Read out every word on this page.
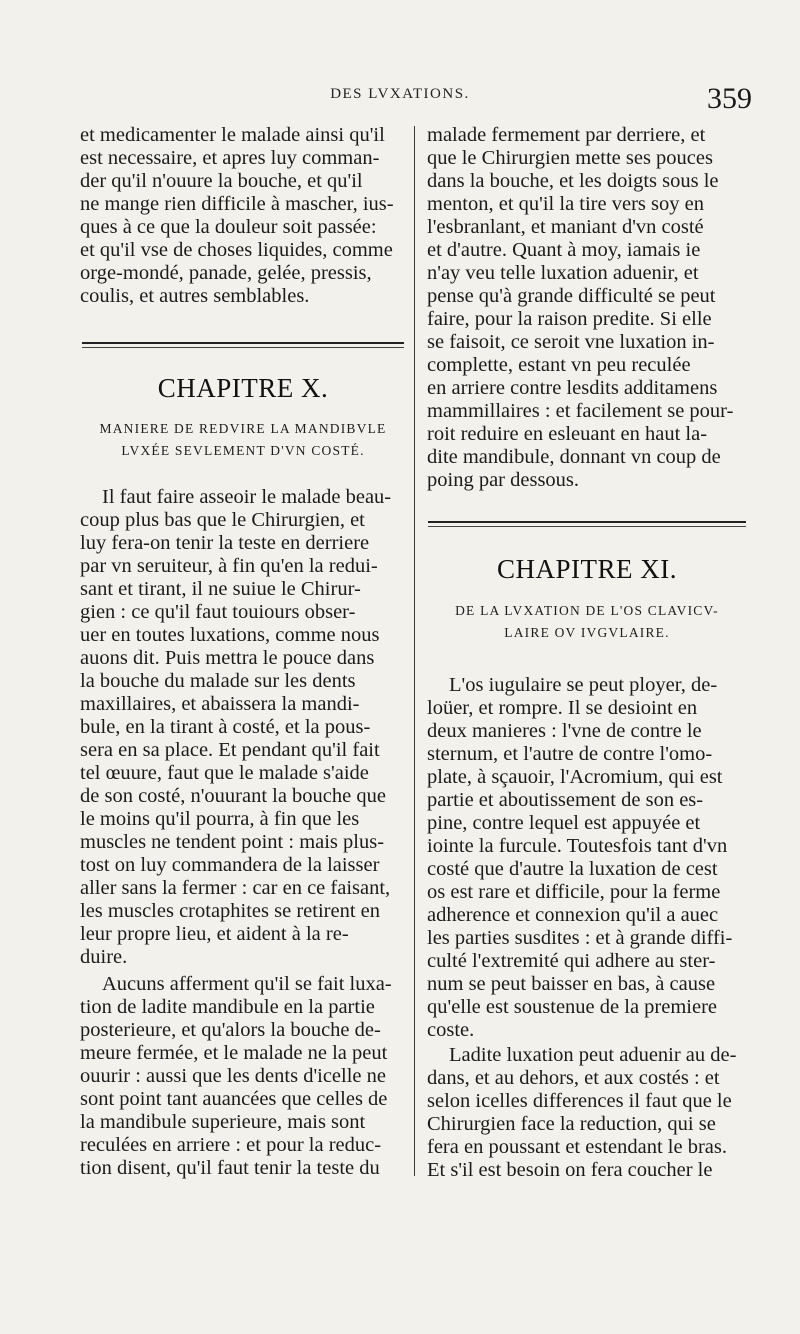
DES LVXATIONS.	359
et medicamenter le malade ainsi qu'il
est necessaire, et apres luy comman-
der qu'il n'ouure la bouche, et qu'il
ne mange rien difficile à mascher, ius-
ques à ce que la douleur soit passée:
et qu'il vse de choses liquides, comme
orge-mondé, panade, gelée, pressis,
coulis, et autres semblables.
CHAPITRE X.
MANIERE DE REDVIRE LA MANDIBVLE
LVXÉE SEVLEMENT D'VN COSTÉ.
Il faut faire asseoir le malade beau-
coup plus bas que le Chirurgien, et
luy fera-on tenir la teste en derriere
par vn seruiteur, à fin qu'en la redui-
sant et tirant, il ne suiue le Chirur-
gien : ce qu'il faut touiours obser-
uer en toutes luxations, comme nous
auons dit. Puis mettra le pouce dans
la bouche du malade sur les dents
maxillaires, et abaissera la mandi-
bule, en la tirant à costé, et la pous-
sera en sa place. Et pendant qu'il fait
tel œuure, faut que le malade s'aide
de son costé, n'ouurant la bouche que
le moins qu'il pourra, à fin que les
muscles ne tendent point : mais plus-
tost on luy commandera de la laisser
aller sans la fermer : car en ce faisant,
les muscles crotaphites se retirent en
leur propre lieu, et aident à la re-
duire.
Aucuns afferment qu'il se fait luxa-
tion de ladite mandibule en la partie
posterieure, et qu'alors la bouche de-
meure fermée, et le malade ne la peut
ouurir : aussi que les dents d'icelle ne
sont point tant auancées que celles de
la mandibule superieure, mais sont
reculées en arriere : et pour la reduc-
tion disent, qu'il faut tenir la teste du
malade fermement par derriere, et
que le Chirurgien mette ses pouces
dans la bouche, et les doigts sous le
menton, et qu'il la tire vers soy en
l'esbranlant, et maniant d'vn costé
et d'autre. Quant à moy, iamais ie
n'ay veu telle luxation aduenir, et
pense qu'à grande difficulté se peut
faire, pour la raison predite. Si elle
se faisoit, ce seroit vne luxation in-
complette, estant vn peu reculée
en arriere contre lesdits additamens
mammillaires : et facilement se pour-
roit reduire en esleuant en haut la-
dite mandibule, donnant vn coup de
poing par dessous.
CHAPITRE XI.
DE LA LVXATION DE L'OS CLAVICV-
LAIRE OV IVGVLAIRE.
L'os iugulaire se peut ployer, de-
loüer, et rompre. Il se desioint en
deux manieres : l'vne de contre le
sternum, et l'autre de contre l'omo-
plate, à sçauoir, l'Acromium, qui est
partie et aboutissement de son es-
pine, contre lequel est appuyée et
iointe la furcule. Toutesfois tant d'vn
costé que d'autre la luxation de cest
os est rare et difficile, pour la ferme
adherence et connexion qu'il a auec
les parties susdites : et à grande diffi-
culté l'extremité qui adhere au ster-
num se peut baisser en bas, à cause
qu'elle est soustenue de la premiere
coste.
Ladite luxation peut aduenir au de-
dans, et au dehors, et aux costés : et
selon icelles differences il faut que le
Chirurgien face la reduction, qui se
fera en poussant et estendant le bras.
Et s'il est besoin on fera coucher le
